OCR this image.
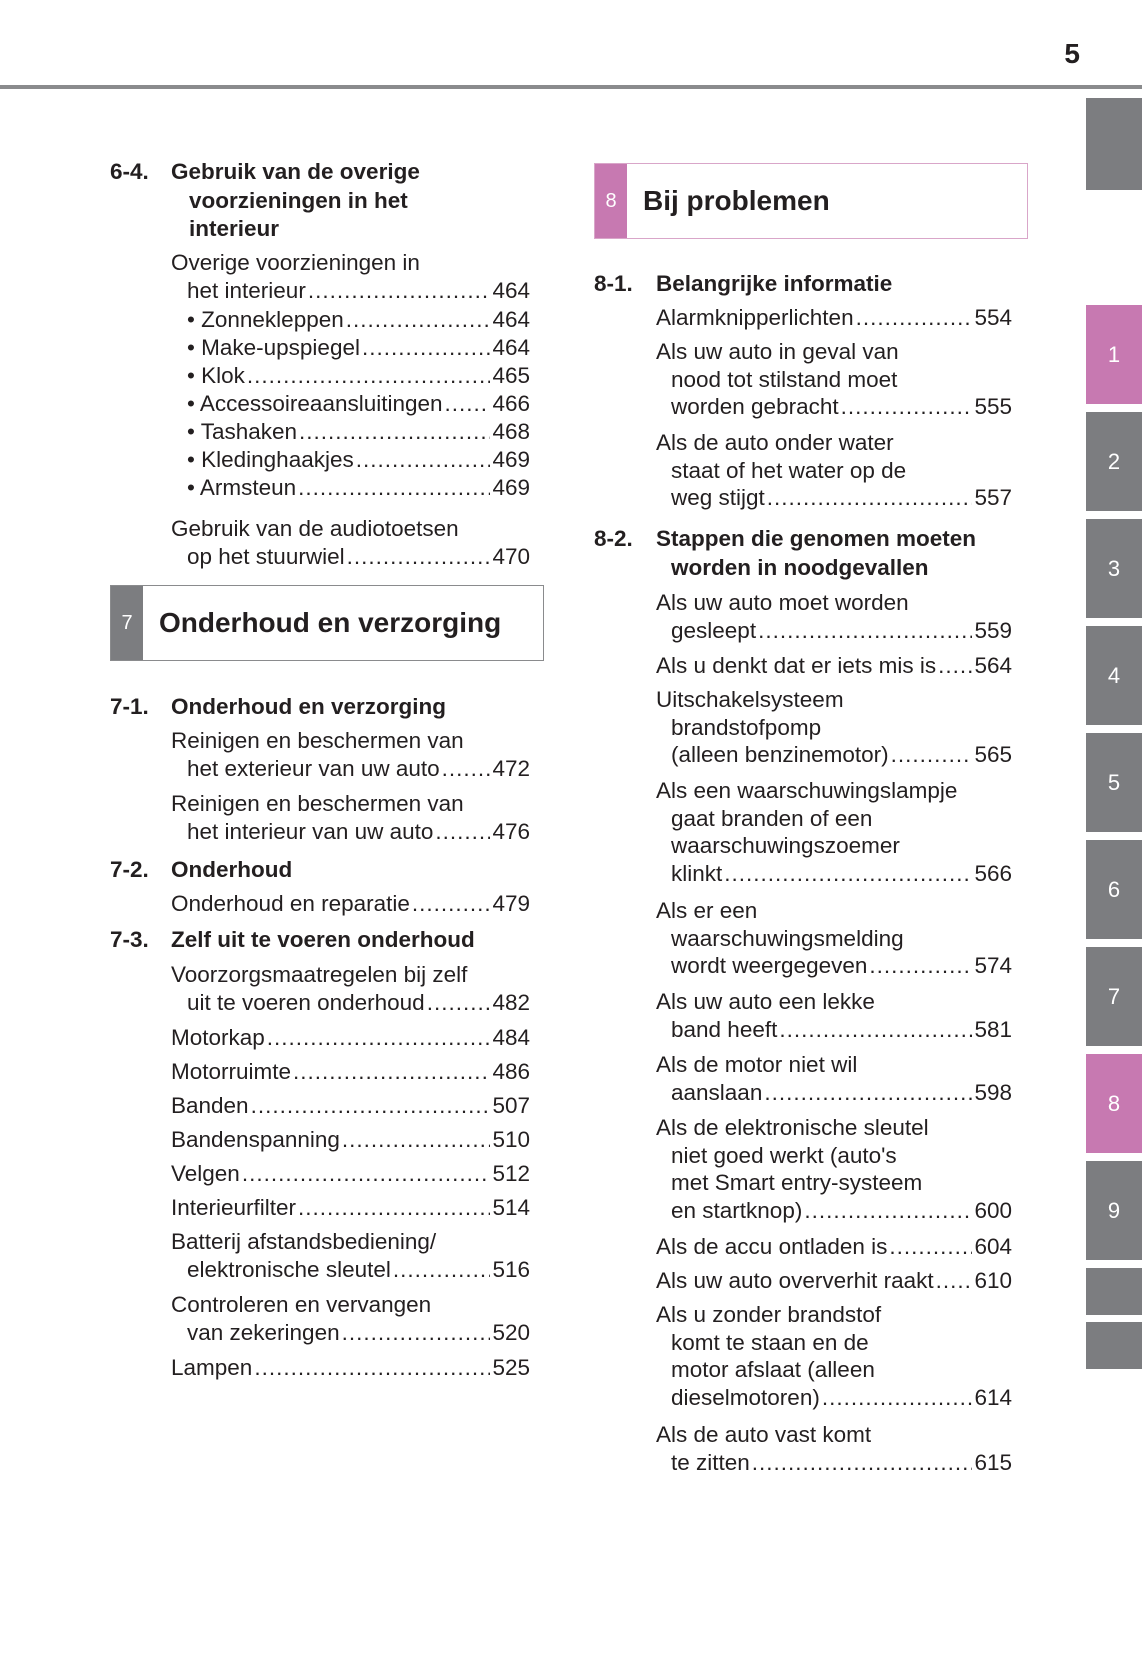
5
6-4. Gebruik van de overige
voorzieningen in het
interieur
Overige voorzieningen in
het interieur .....	464
• Zonnekleppen .....	464
• Make-upspiegel .....	464
• Klok .....	465
• Accessoireaansluitingen ..... 466
• Tashaken .....	468
• Kledinghaakjes .....	469
• Armsteun .....	469
Gebruik van de audiotoetsen
op het stuurwiel .....	470
7 Onderhoud en verzorging
7-1. Onderhoud en verzorging
Reinigen en beschermen van
het exterieur van uw auto ..... 472
Reinigen en beschermen van
het interieur van uw auto .....	476
7-2. Onderhoud
Onderhoud en reparatie .....	479
7-3. Zelf uit te voeren onderhoud
Voorzorgsmaatregelen bij zelf
uit te voeren onderhoud .....	482
Motorkap .....	484
Motorruimte .....	486
Banden .....	507
Bandenspanning .....	510
Velgen .....	512
Interieurfilter .....	514
Batterij afstandsbediening/
elektronische sleutel .....	516
Controleren en vervangen
van zekeringen .....	520
Lampen .....	525
8 Bij problemen
8-1. Belangrijke informatie
Alarmknipperlichten .....	554
Als uw auto in geval van
nood tot stilstand moet
worden gebracht .....	555
Als de auto onder water
staat of het water op de
weg stijgt .....	557
8-2. Stappen die genomen moeten
worden in noodgevallen
Als uw auto moet worden
gesleept .....	559
Als u denkt dat er iets mis is ..... 564
Uitschakelsysteem
brandstofpomp
(alleen benzinemotor) .....	565
Als een waarschuwingslampje
gaat branden of een
waarschuwingszoemer
klinkt .....	566
Als er een
waarschuwingsmelding
wordt weergegeven .....	574
Als uw auto een lekke
band heeft .....	581
Als de motor niet wil
aanslaan .....	598
Als de elektronische sleutel
niet goed werkt (auto's
met Smart entry-systeem
en startknop) .....	600
Als de accu ontladen is .....	604
Als uw auto oververhit raakt ..... 610
Als u zonder brandstof
komt te staan en de
motor afslaat (alleen
dieselmotoren) .....	614
Als de auto vast komt
te zitten .....	615
1
2
3
4
5
6
7
8
9
